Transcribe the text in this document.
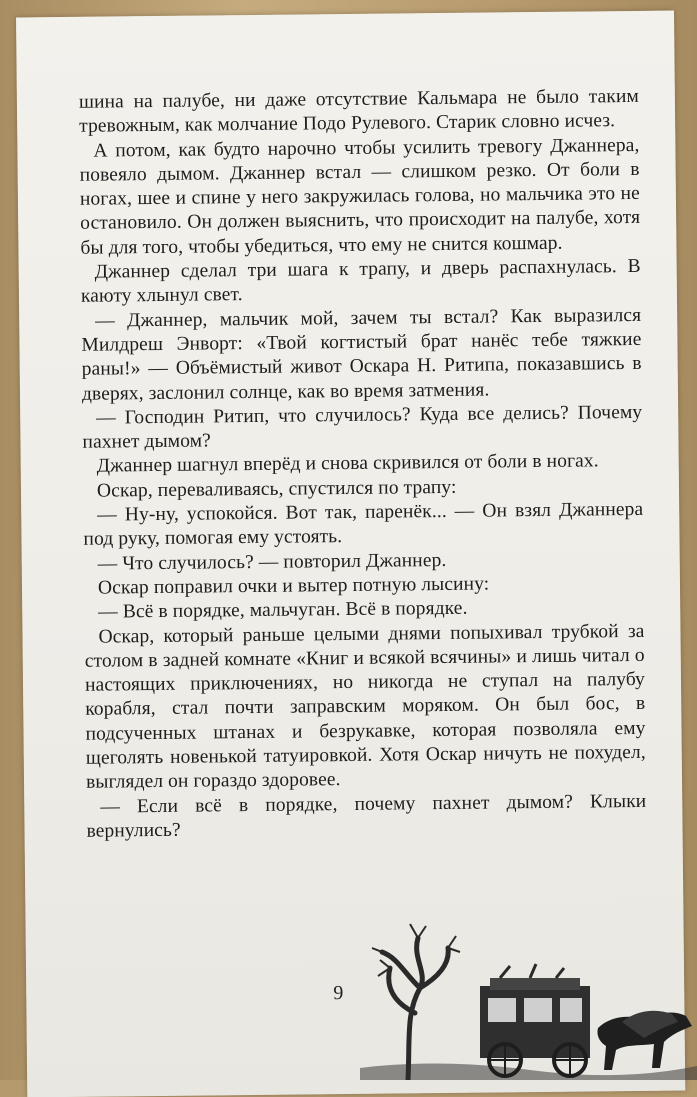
шина на палубе, ни даже отсутствие Кальмара не было таким тревожным, как молчание Подо Рулевого. Старик словно исчез.

А потом, как будто нарочно чтобы усилить тревогу Джаннера, повеяло дымом. Джаннер встал — слишком резко. От боли в ногах, шее и спине у него закружилась голова, но мальчика это не остановило. Он должен выяснить, что происходит на палубе, хотя бы для того, чтобы убедиться, что ему не снится кошмар.

Джаннер сделал три шага к трапу, и дверь распахнулась. В каюту хлынул свет.

— Джаннер, мальчик мой, зачем ты встал? Как выразился Милдреш Энворт: «Твой когтистый брат нанёс тебе тяжкие раны!» — Объёмистый живот Оскара Н. Ритипа, показавшись в дверях, заслонил солнце, как во время затмения.

— Господин Ритип, что случилось? Куда все делись? Почему пахнет дымом?

Джаннер шагнул вперёд и снова скривился от боли в ногах.

Оскар, переваливаясь, спустился по трапу:

— Ну-ну, успокойся. Вот так, паренёк... — Он взял Джаннера под руку, помогая ему устоять.

— Что случилось? — повторил Джаннер.

Оскар поправил очки и вытер потную лысину:

— Всё в порядке, мальчуган. Всё в порядке.

Оскар, который раньше целыми днями попыхивал трубкой за столом в задней комнате «Книг и всякой всячины» и лишь читал о настоящих приключениях, но никогда не ступал на палубу корабля, стал почти заправским моряком. Он был бос, в подсученных штанах и безрукавке, которая позволяла ему щеголять новенькой татуировкой. Хотя Оскар ничуть не похудел, выглядел он гораздо здоровее.

— Если всё в порядке, почему пахнет дымом? Клыки вернулись?

9
